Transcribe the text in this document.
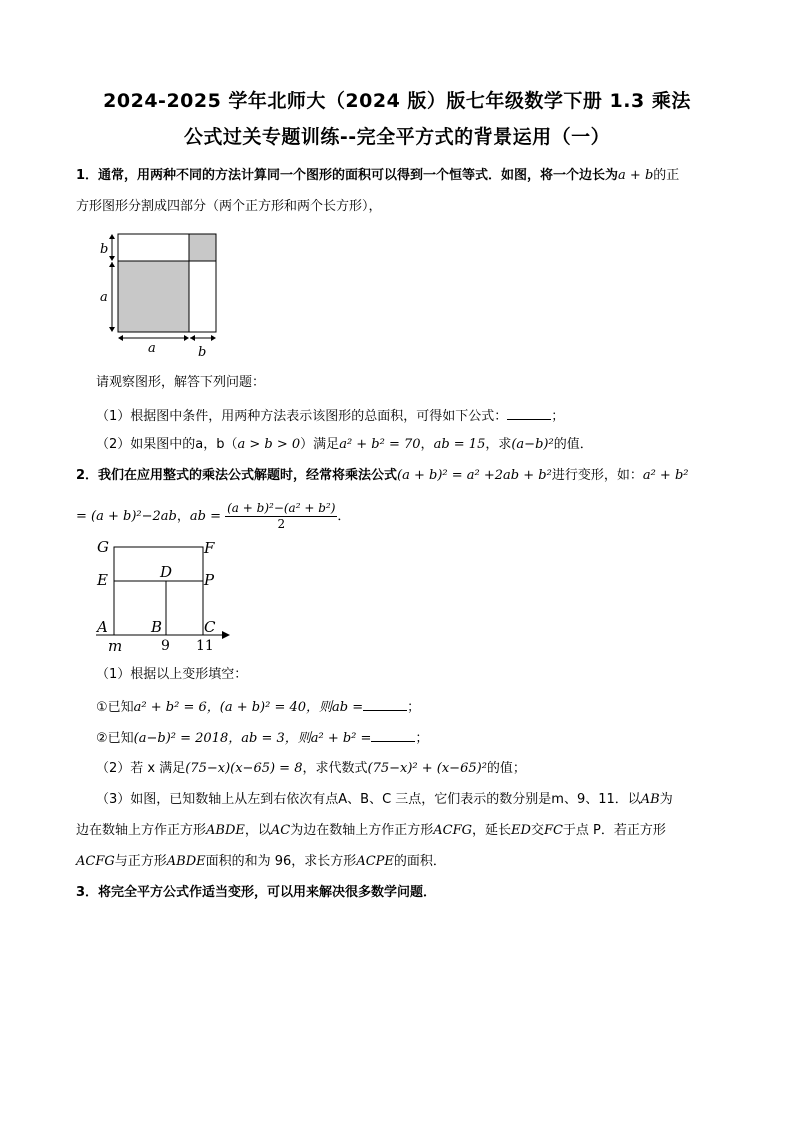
2024-2025 学年北师大（2024 版）版七年级数学下册 1.3 乘法
公式过关专题训练--完全平方式的背景运用（一）
1．通常，用两种不同的方法计算同一个图形的面积可以得到一个恒等式．如图，将一个边长为a + b的正
方形图形分割成四部分（两个正方形和两个长方形），
b
a
a	b
请观察图形，解答下列问题：
（1）根据图中条件，用两种方法表示该图形的总面积，可得如下公式：	；
（2）如果图中的a，b（a > b > 0）满足a² + b² = 70，ab = 15，求(a−b)²的值．
2．我们在应用整式的乘法公式解题时，经常将乘法公式(a + b)² = a² +2ab + b²进行变形，如：a² + b²
= (a + b)²−2ab，ab = $\frac{\text{(a + b)²−(a² + b²)}}{2}$ ．
G	F
E	D P
A	B	C
m	9 11
（1）根据以上变形填空：
①已知a² + b² = 6，(a + b)² = 40，则ab =	；
②已知(a−b)² = 2018，ab = 3，则a² + b² =	；
（2）若 x 满足(75−x)(x−65) = 8，求代数式(75−x)² + (x−65)²的值；
（3）如图，已知数轴上从左到右依次有点A、B、C 三点，它们表示的数分别是m、9、11．以AB为
边在数轴上方作正方形ABDE，以AC为边在数轴上方作正方形ACFG，延长ED交FC于点 P．若正方形
ACFG与正方形ABDE面积的和为 96，求长方形ACPE的面积．
3．将完全平方公式作适当变形，可以用来解决很多数学问题．
